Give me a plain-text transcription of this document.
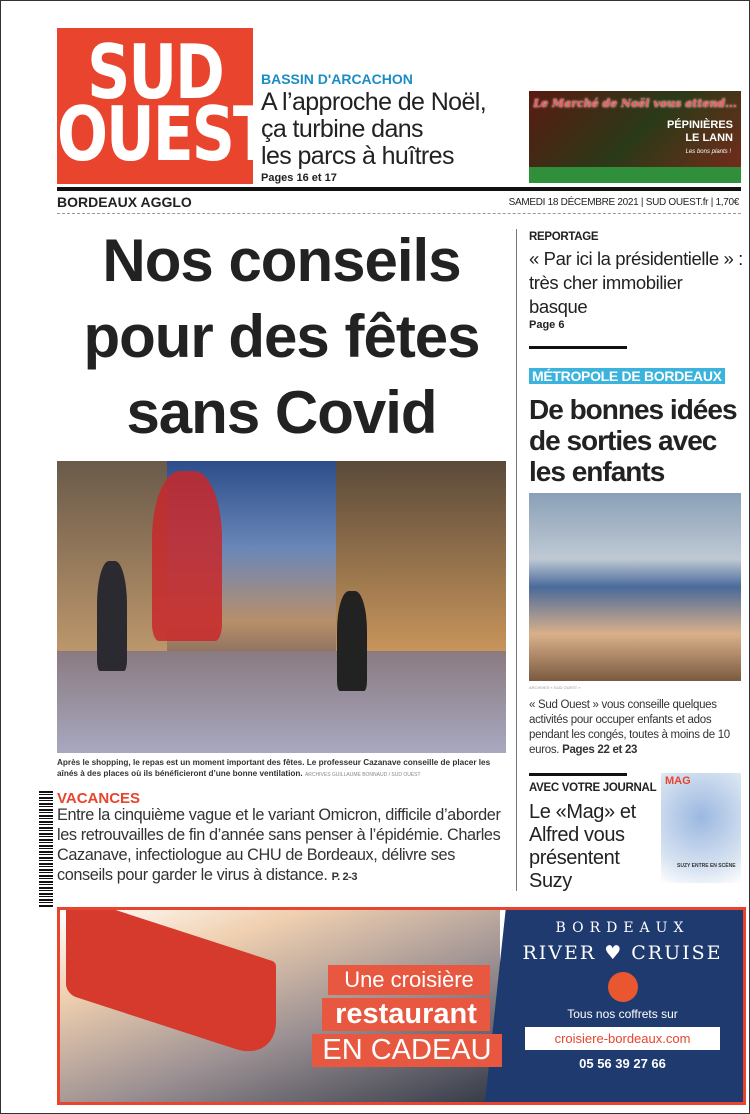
SUD
OUEST
BASSIN D'ARCACHON
A l’approche de Noël,
ça turbine dans
les parcs à huîtres
Pages 16 et 17
Le Marché de Noël vous attend...
PÉPINIÈRES
LE LANN
Les bons plants !
BORDEAUX AGGLO	SAMEDI 18 DÉCEMBRE 2021 | SUD OUEST.fr | 1,70€
Nos conseils
pour des fêtes
sans Covid
Après le shopping, le repas est un moment important des fêtes. Le professeur Cazanave conseille de placer les aînés à des places où ils bénéficieront d’une bonne ventilation. ARCHIVES GUILLAUME BONNAUD / SUD OUEST
VACANCES
Entre la cinquième vague et le variant Omicron, difficile d’aborder les retrouvailles de fin d’année sans penser à l’épidémie. Charles Cazanave, infectiologue au CHU de Bordeaux, délivre ses conseils pour garder le virus à distance. P. 2-3
REPORTAGE
« Par ici la présidentielle » : très cher immobilier basque
Page 6
MÉTROPOLE DE BORDEAUX
De bonnes idées de sorties avec les enfants
ARCHIVES « SUD OUEST »
« Sud Ouest » vous conseille quelques activités pour occuper enfants et ados pendant les congés, toutes à moins de 10 euros. Pages 22 et 23
AVEC VOTRE JOURNAL
Le «Mag» et Alfred vous présentent Suzy
MAG
SUZY ENTRE EN SCÈNE
Une croisière
restaurant
EN CADEAU
BORDEAUX
RIVER ♥ CRUISE
Tous nos coffrets sur
croisiere-bordeaux.com
05 56 39 27 66
